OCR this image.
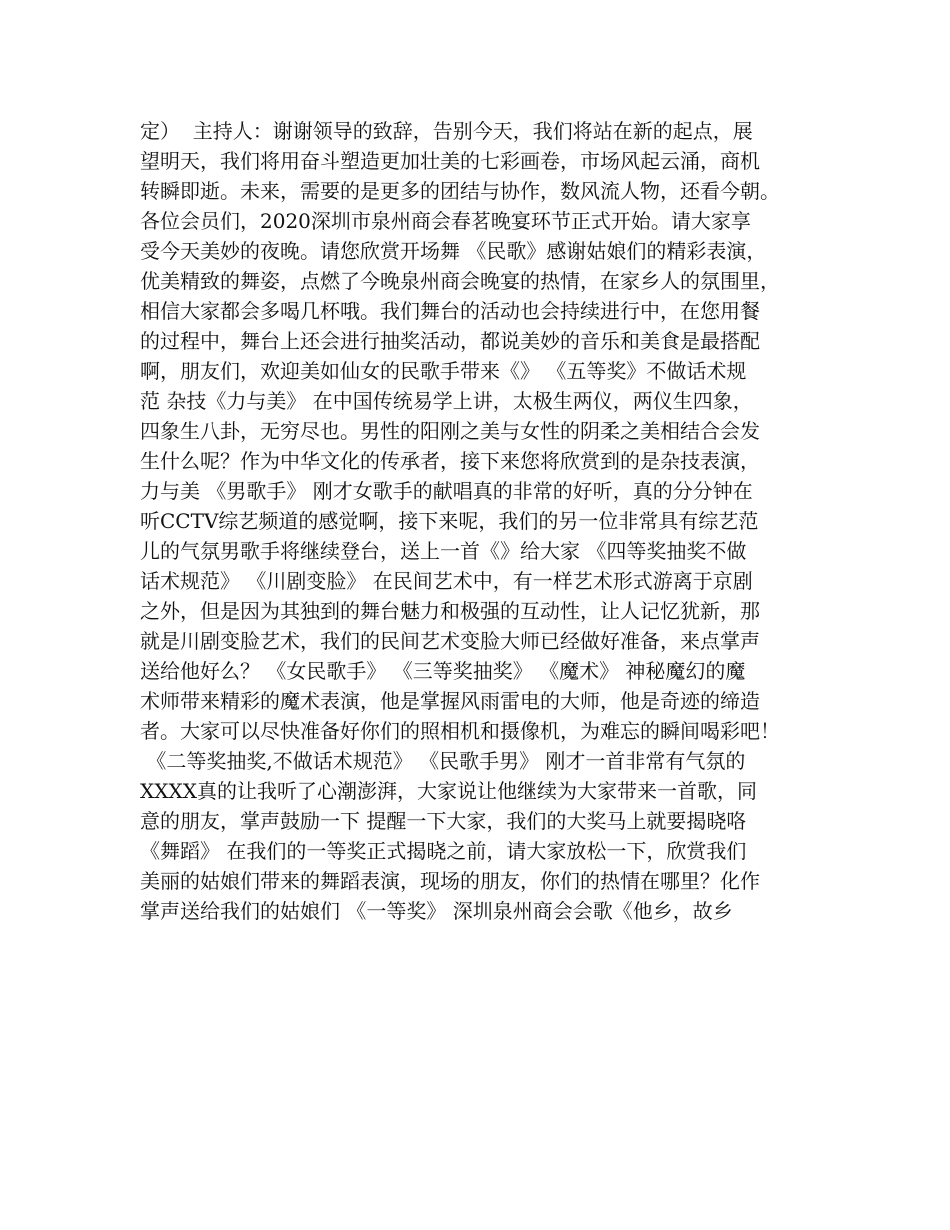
定）  主持人：谢谢领导的致辞，告别今天，我们将站在新的起点，展
望明天，我们将用奋斗塑造更加壮美的七彩画卷，市场风起云涌，商机
转瞬即逝。未来，需要的是更多的团结与协作，数风流人物，还看今朝。
各位会员们，2020深圳市泉州商会春茗晚宴环节正式开始。请大家享
受今天美妙的夜晚。请您欣赏开场舞 《民歌》感谢姑娘们的精彩表演，
优美精致的舞姿，点燃了今晚泉州商会晚宴的热情，在家乡人的氛围里，
相信大家都会多喝几杯哦。我们舞台的活动也会持续进行中，在您用餐
的过程中，舞台上还会进行抽奖活动，都说美妙的音乐和美食是最搭配
啊，朋友们，欢迎美如仙女的民歌手带来《》 《五等奖》不做话术规
范 杂技《力与美》 在中国传统易学上讲，太极生两仪，两仪生四象，
四象生八卦，无穷尽也。男性的阳刚之美与女性的阴柔之美相结合会发
生什么呢？作为中华文化的传承者，接下来您将欣赏到的是杂技表演，
力与美 《男歌手》 刚才女歌手的献唱真的非常的好听，真的分分钟在
听CCTV综艺频道的感觉啊，接下来呢，我们的另一位非常具有综艺范
儿的气氛男歌手将继续登台，送上一首《》给大家 《四等奖抽奖不做
话术规范》 《川剧变脸》 在民间艺术中，有一样艺术形式游离于京剧
之外，但是因为其独到的舞台魅力和极强的互动性，让人记忆犹新，那
就是川剧变脸艺术，我们的民间艺术变脸大师已经做好准备，来点掌声
送给他好么？ 《女民歌手》 《三等奖抽奖》 《魔术》 神秘魔幻的魔
术师带来精彩的魔术表演，他是掌握风雨雷电的大师，他是奇迹的缔造
者。大家可以尽快准备好你们的照相机和摄像机，为难忘的瞬间喝彩吧！
《二等奖抽奖,不做话术规范》 《民歌手男》 刚才一首非常有气氛的
XXXX真的让我听了心潮澎湃，大家说让他继续为大家带来一首歌，同
意的朋友，掌声鼓励一下 提醒一下大家，我们的大奖马上就要揭晓咯
《舞蹈》 在我们的一等奖正式揭晓之前，请大家放松一下，欣赏我们
美丽的姑娘们带来的舞蹈表演，现场的朋友，你们的热情在哪里？化作
掌声送给我们的姑娘们 《一等奖》 深圳泉州商会会歌《他乡，故乡
